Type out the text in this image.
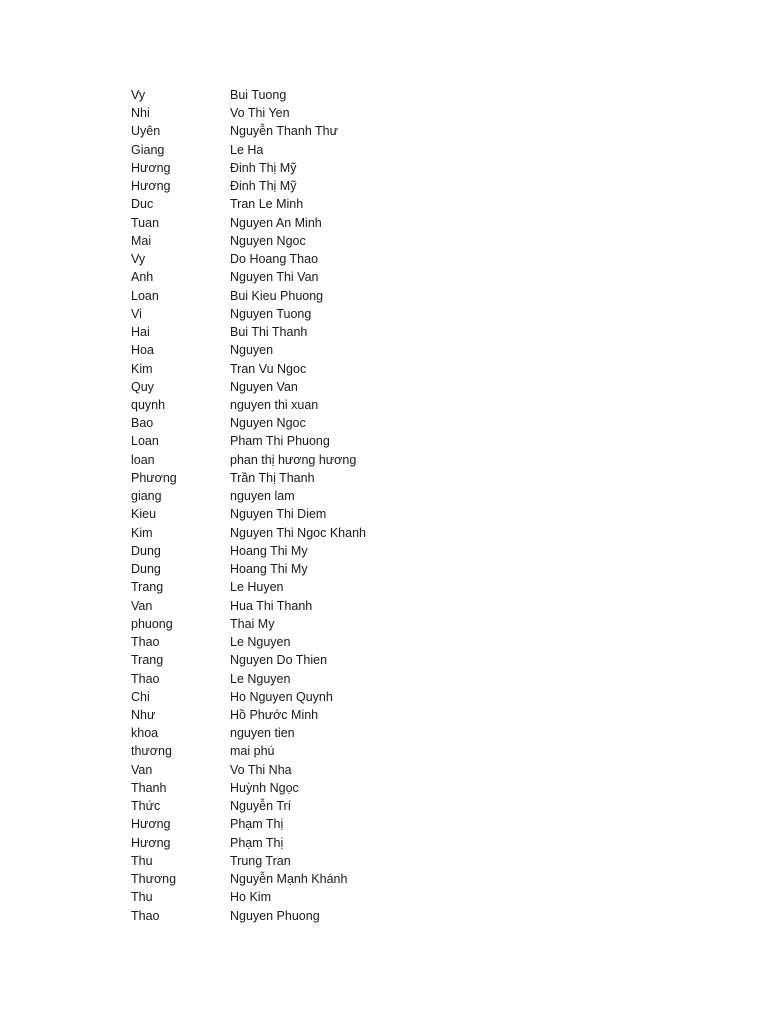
Vy	Bui Tuong
Nhi	Vo Thi Yen
Uyên	Nguyễn Thanh Thư
Giang	Le Ha
Hương	Đinh Thị Mỹ
Hương	Đinh Thị Mỹ
Duc	Tran Le Minh
Tuan	Nguyen An Minh
Mai	Nguyen Ngoc
Vy	Do Hoang Thao
Anh	Nguyen Thi Van
Loan	Bui Kieu Phuong
Vi	Nguyen Tuong
Hai	Bui Thi Thanh
Hoa	Nguyen
Kim	Tran Vu Ngoc
Quy	Nguyen Van
quynh	nguyen thi xuan
Bao	Nguyen Ngoc
Loan	Pham Thi Phuong
loan	phan thị hương hương
Phương	Trần Thị Thanh
giang	nguyen lam
Kieu	Nguyen Thi Diem
Kim	Nguyen Thi Ngoc Khanh
Dung	Hoang Thi My
Dung	Hoang Thi My
Trang	Le Huyen
Van	Hua Thi Thanh
phuong	Thai My
Thao	Le Nguyen
Trang	Nguyen Do Thien
Thao	Le Nguyen
Chi	Ho Nguyen Quynh
Như	Hồ Phước Minh
khoa	nguyen tien
thương	mai phú
Van	Vo Thi Nha
Thanh	Huỳnh Ngọc
Thức	Nguyễn Trí
Hương	Phạm Thị
Hương	Phạm Thị
Thu	Trung Tran
Thương	Nguyễn Mạnh Khánh
Thu	Ho Kim
Thao	Nguyen Phuong
